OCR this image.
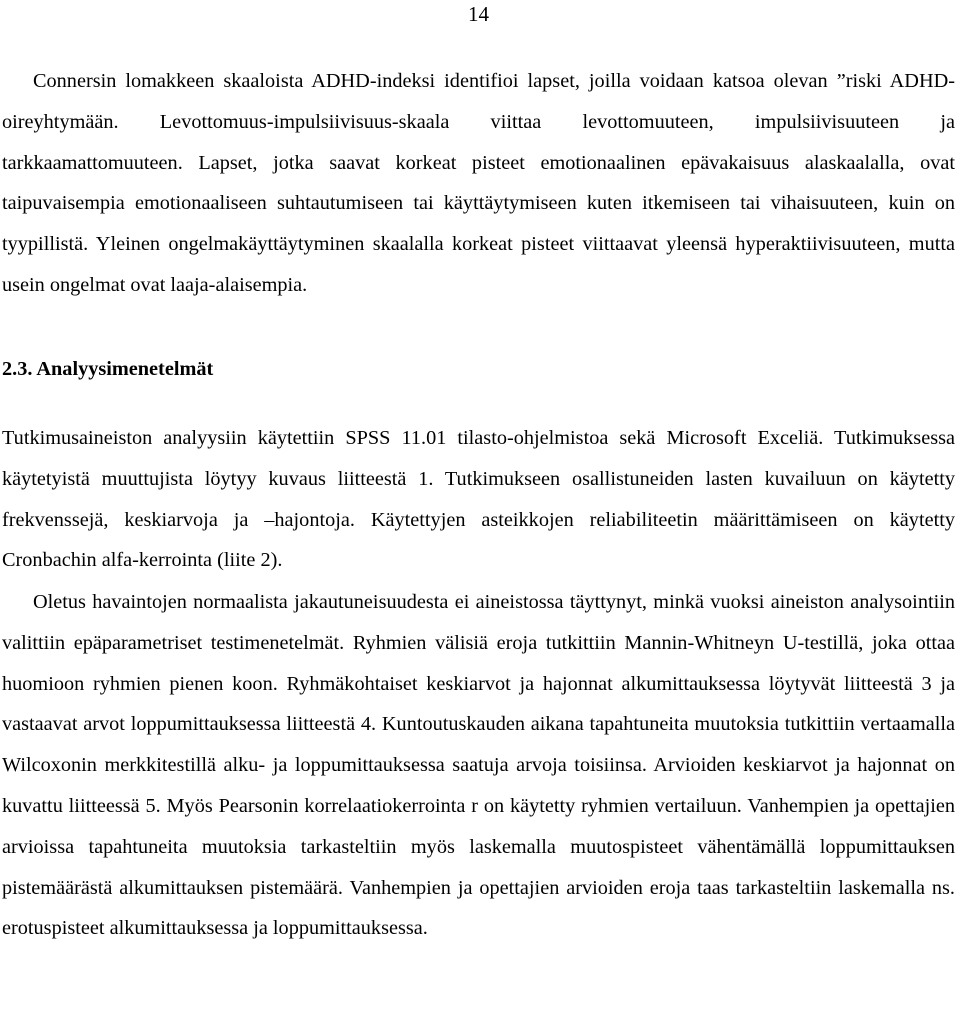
14

Connersin lomakkeen skaaloista ADHD-indeksi identifioi lapset, joilla voidaan katsoa olevan ”riski ADHD-oireyhtymään. Levottomuus-impulsiivisuus-skaala viittaa levottomuuteen, impulsiivisuuteen ja tarkkaamattomuuteen. Lapset, jotka saavat korkeat pisteet emotionaalinen epävakaisuus alaskaalalla, ovat taipuvaisempia emotionaaliseen suhtautumiseen tai käyttäytymiseen kuten itkemiseen tai vihaisuuteen, kuin on tyypillistä. Yleinen ongelmakäyttäytyminen skaalalla korkeat pisteet viittaavat yleensä hyperaktiivisuuteen, mutta usein ongelmat ovat laaja-alaisempia.

2.3. Analyysimenetelmät

Tutkimusaineiston analyysiin käytettiin SPSS 11.01 tilasto-ohjelmistoa sekä Microsoft Exceliä. Tutkimuksessa käytetyistä muuttujista löytyy kuvaus liitteestä 1. Tutkimukseen osallistuneiden lasten kuvailuun on käytetty frekvenssejä, keskiarvoja ja –hajontoja. Käytettyjen asteikkojen reliabiliteetin määrittämiseen on käytetty Cronbachin alfa-kerrointa (liite 2).

Oletus havaintojen normaalista jakautuneisuudesta ei aineistossa täyttynyt, minkä vuoksi aineiston analysointiin valittiin epäparametriset testimenetelmät. Ryhmien välisiä eroja tutkittiin Mannin-Whitneyn U-testillä, joka ottaa huomioon ryhmien pienen koon. Ryhmäkohtaiset keskiarvot ja hajonnat alkumittauksessa löytyvät liitteestä 3 ja vastaavat arvot loppumittauksessa liitteestä 4. Kuntoutuskauden aikana tapahtuneita muutoksia tutkittiin vertaamalla Wilcoxonin merkkitestillä alku- ja loppumittauksessa saatuja arvoja toisiinsa. Arvioiden keskiarvot ja hajonnat on kuvattu liitteessä 5. Myös Pearsonin korrelaatiokerrointa r on käytetty ryhmien vertailuun. Vanhempien ja opettajien arvioissa tapahtuneita muutoksia tarkasteltiin myös laskemalla muutospisteet vähentämällä loppumittauksen pistemäärästä alkumittauksen pistemäärä. Vanhempien ja opettajien arvioiden eroja taas tarkasteltiin laskemalla ns. erotuspisteet alkumittauksessa ja loppumittauksessa.
